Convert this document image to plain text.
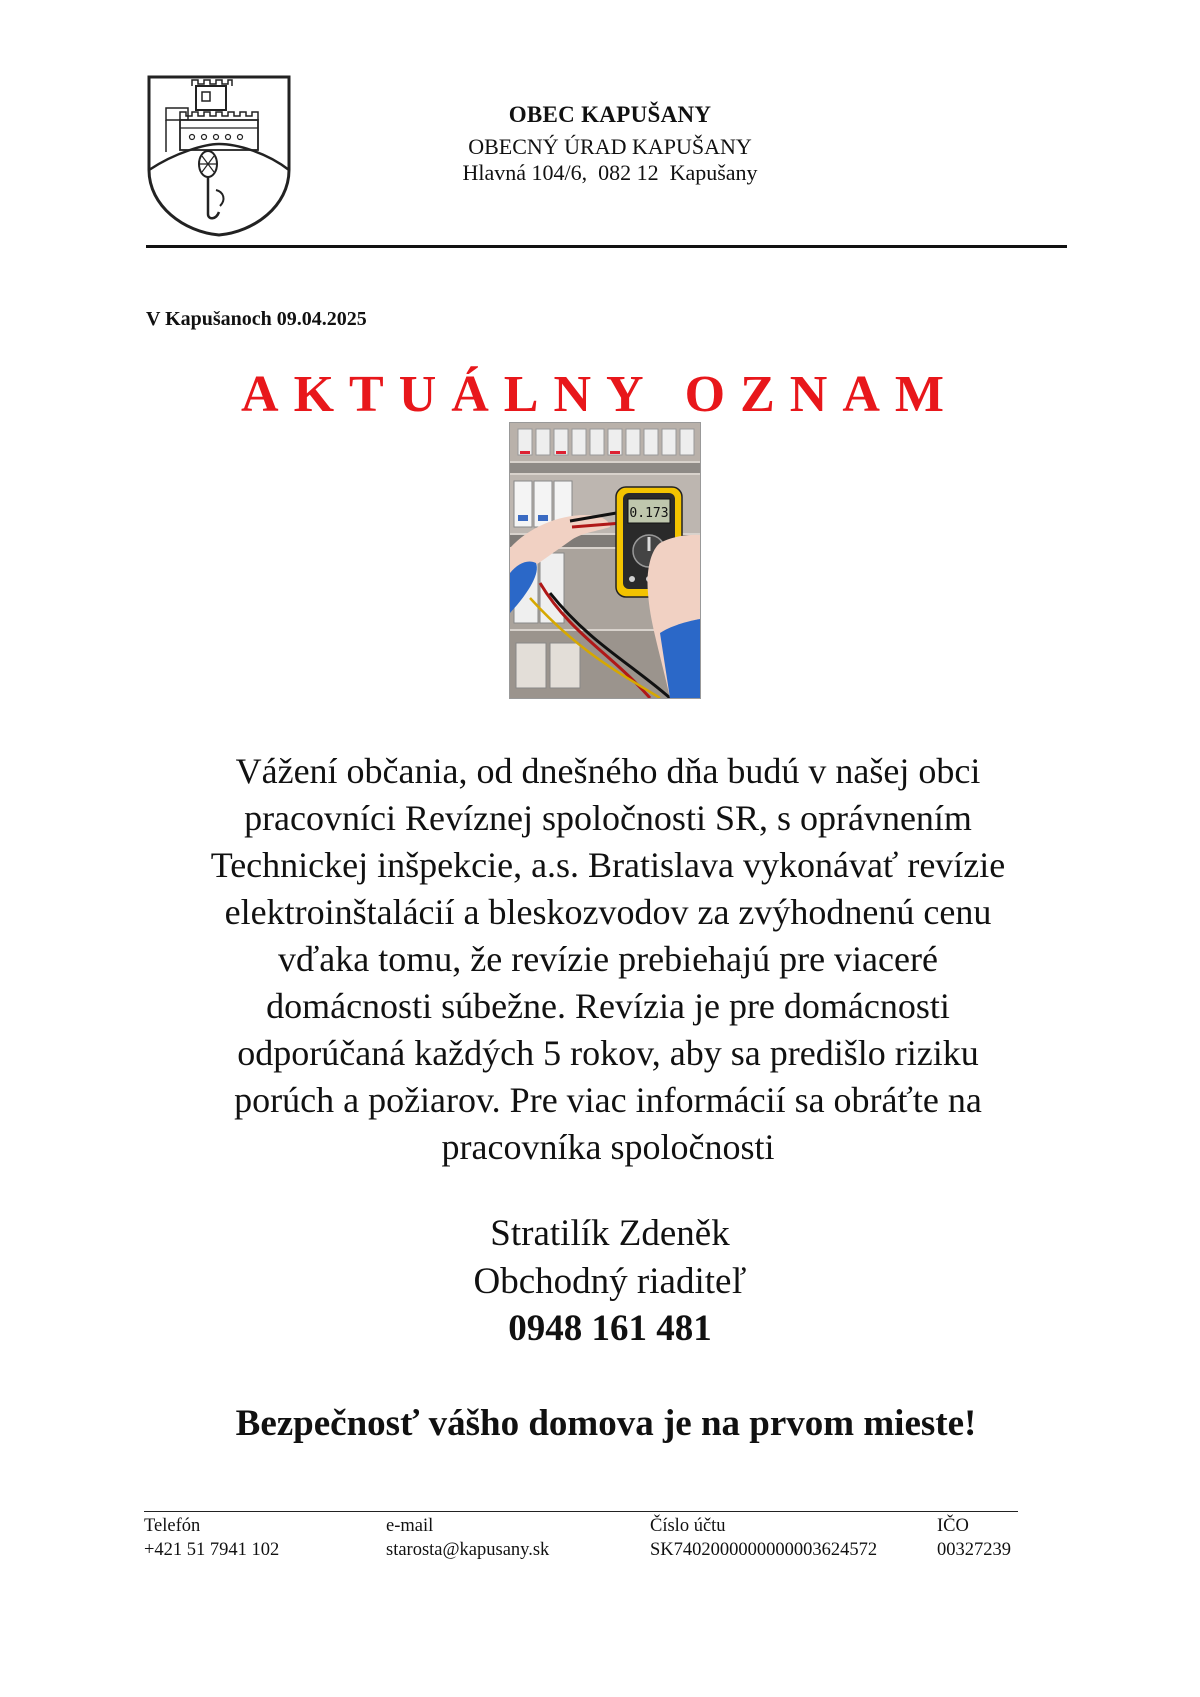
OBEC KAPUŠANY
OBECNÝ ÚRAD KAPUŠANY
Hlavná 104/6,  082 12  Kapušany
V Kapušanoch 09.04.2025
AKTUÁLNY OZNAM
0.173
Vážení občania, od dnešného dňa budú v našej obci
pracovníci Revíznej spoločnosti SR, s oprávnením
Technickej inšpekcie, a.s. Bratislava vykonávať revízie
elektroinštalácií a bleskozvodov za zvýhodnenú cenu
vďaka tomu, že revízie prebiehajú pre viaceré
domácnosti súbežne. Revízia je pre domácnosti
odporúčaná každých 5 rokov, aby sa predišlo riziku
porúch a požiarov. Pre viac informácií sa obráťte na
pracovníka spoločnosti
Stratilík Zdeněk
Obchodný riaditeľ
0948 161 481
Bezpečnosť vášho domova je na prvom mieste!
Telefón
+421 51 7941 102
e-mail
starosta@kapusany.sk
Číslo účtu
SK7402000000000003624572
IČO
00327239
